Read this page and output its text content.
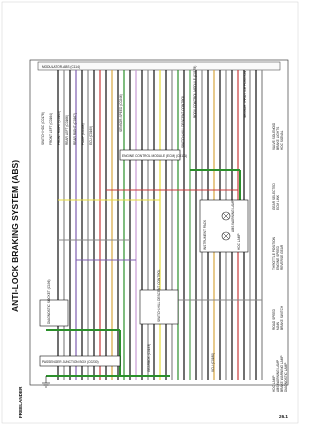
ANTI-LOCK BRAKING SYSTEM (ABS)
FREELANDER	26.1
MODULATOR-ABS (C114)
SWITCH-HILL DESCENT CONTROL
INSTRUMENT PACK
ABS WARNING LAMP
HDC LAMP
DIAGNOSTIC SOCKET (C196)
ENGINE CONTROL MODULE (ECM) (C0111)
PASSENGER JUNCTION BOX (C0230)
HDC LAMP ABS WARNING LAMP BRAKE WARNING LAMP DIAGNOSTIC LAMP
ROAD SPEED MAIN BRAKE SWITCH
THROTTLE POSITION ENGINE SPEED REVERSE GEAR
GEAR SELECTED ECM LINK
VALVE SOLENOID BRAKE LIGHTS HDC SIGNAL
SWITCH HDC (C0178) FRONT LEFT (C0164) FRONT RIGHT (C0165) REAR LEFT (C0166) REAR RIGHT (C0167) PUMP (C0168) ECU (C0169)
SENSOR-SPEED (C0246)	SWITCH-HILL DESCENT CONTROL
BODY CONTROL MODULE (C0178)	SENSOR THROTTLE POSITION
GEARBOX (C0193)	VCU (C0180)
